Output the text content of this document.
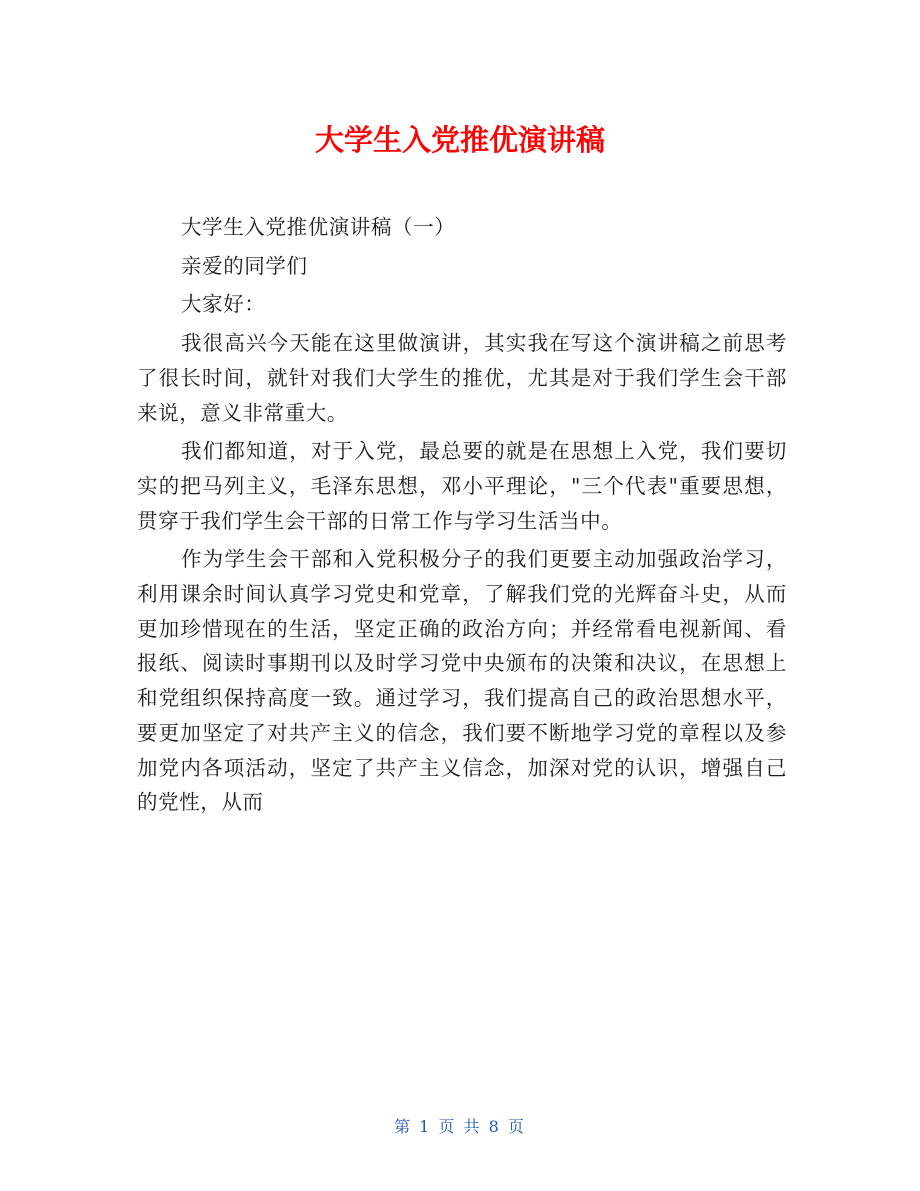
大学生入党推优演讲稿

大学生入党推优演讲稿（一）

亲爱的同学们

大家好：

我很高兴今天能在这里做演讲，其实我在写这个演讲稿之前思考了很长时间，就针对我们大学生的推优，尤其是对于我们学生会干部来说，意义非常重大。

我们都知道，对于入党，最总要的就是在思想上入党，我们要切实的把马列主义，毛泽东思想，邓小平理论，"三个代表"重要思想，贯穿于我们学生会干部的日常工作与学习生活当中。

作为学生会干部和入党积极分子的我们更要主动加强政治学习，利用课余时间认真学习党史和党章，了解我们党的光辉奋斗史，从而更加珍惜现在的生活，坚定正确的政治方向；并经常看电视新闻、看报纸、阅读时事期刊以及时学习党中央颁布的决策和决议，在思想上和党组织保持高度一致。通过学习，我们提高自己的政治思想水平，要更加坚定了对共产主义的信念，我们要不断地学习党的章程以及参加党内各项活动，坚定了共产主义信念，加深对党的认识，增强自己的党性，从而

第 1 页 共 8 页
